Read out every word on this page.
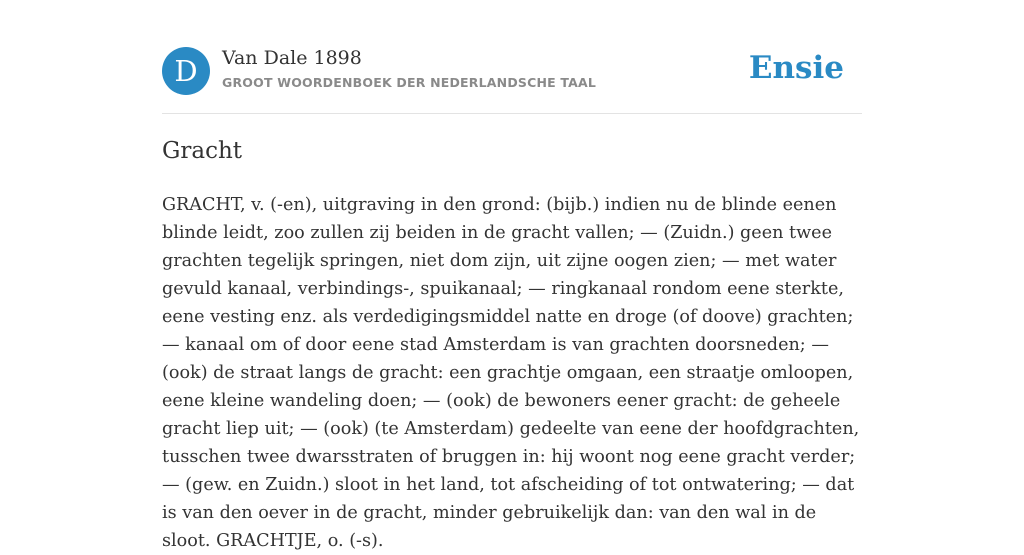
D	Van Dale 1898
GROOT WOORDENBOEK DER NEDERLANDSCHE TAAL	Ensie
Gracht

GRACHT, v. (-en), uitgraving in den grond: (bijb.) indien nu de blinde eenen blinde leidt, zoo zullen zij beiden in de gracht vallen; — (Zuidn.) geen twee grachten tegelijk springen, niet dom zijn, uit zijne oogen zien; — met water gevuld kanaal, verbindings-, spuikanaal; — ringkanaal rondom eene sterkte, eene vesting enz. als verdedigingsmiddel natte en droge (of doove) grachten; — kanaal om of door eene stad Amsterdam is van grachten doorsneden; — (ook) de straat langs de gracht: een grachtje omgaan, een straatje omloopen, eene kleine wandeling doen; — (ook) de bewoners eener gracht: de geheele gracht liep uit; — (ook) (te Amsterdam) gedeelte van eene der hoofdgrachten, tusschen twee dwarsstraten of bruggen in: hij woont nog eene gracht verder; — (gew. en Zuidn.) sloot in het land, tot afscheiding of tot ontwatering; — dat is van den oever in de gracht, minder gebruikelijk dan: van den wal in de sloot. GRACHTJE, o. (-s).
